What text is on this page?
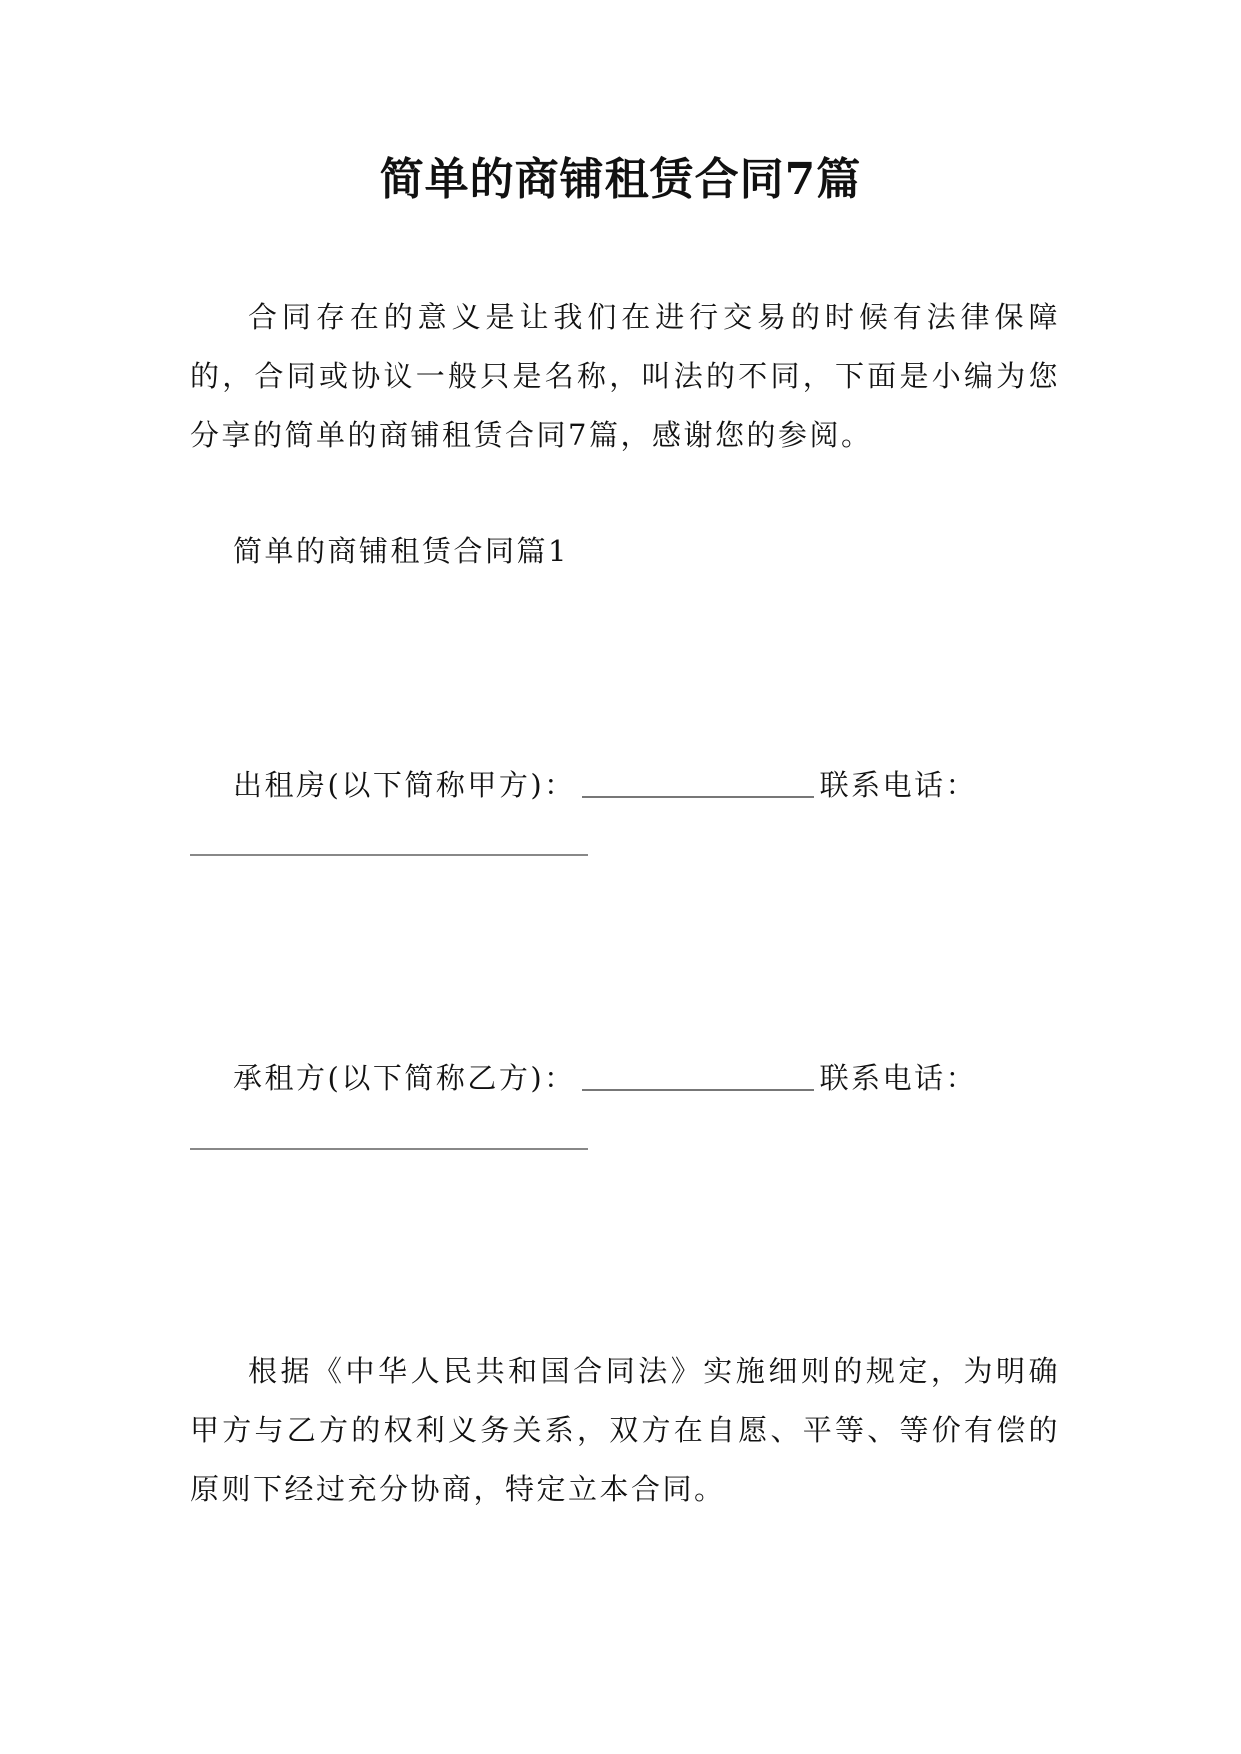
简单的商铺租赁合同7篇

合同存在的意义是让我们在进行交易的时候有法律保障的，合同或协议一般只是名称，叫法的不同，下面是小编为您分享的简单的商铺租赁合同7篇，感谢您的参阅。

简单的商铺租赁合同篇1

出租房(以下简称甲方)：	联系电话：

承租方(以下简称乙方)：	联系电话：

根据《中华人民共和国合同法》实施细则的规定，为明确甲方与乙方的权利义务关系，双方在自愿、平等、等价有偿的原则下经过充分协商，特定立本合同。
